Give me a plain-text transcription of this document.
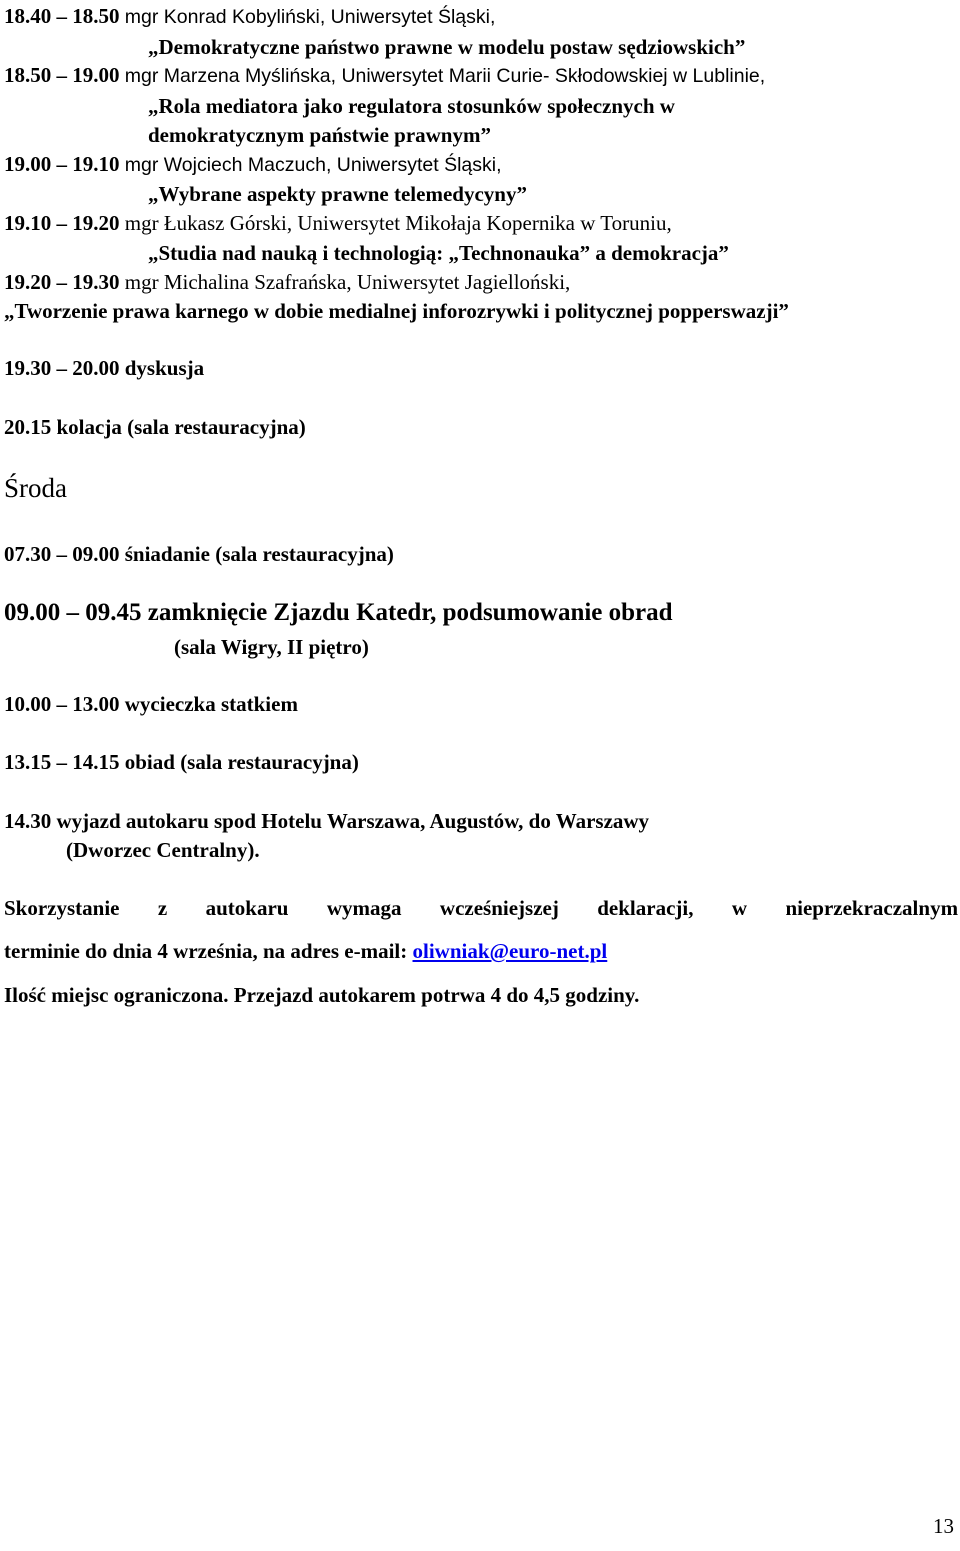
18.40 – 18.50 mgr Konrad Kobyliński, Uniwersytet Śląski,
„Demokratyczne państwo prawne w modelu postaw sędziowskich”
18.50 – 19.00 mgr Marzena Myślińska, Uniwersytet Marii Curie- Skłodowskiej w Lublinie,
„Rola mediatora jako regulatora stosunków społecznych w
demokratycznym państwie prawnym”
19.00 – 19.10 mgr Wojciech Maczuch, Uniwersytet Śląski,
„Wybrane aspekty prawne telemedycyny”
19.10 – 19.20 mgr Łukasz Górski, Uniwersytet Mikołaja Kopernika w Toruniu,
„Studia nad nauką i technologią: „Technonauka” a demokracja”
19.20 – 19.30 mgr Michalina Szafrańska, Uniwersytet Jagielloński,
„Tworzenie prawa karnego w dobie medialnej inforozrywki i politycznej popperswazji”
19.30 – 20.00 dyskusja
20.15 kolacja (sala restauracyjna)
Środa
07.30 – 09.00 śniadanie (sala restauracyjna)
09.00 – 09.45 zamknięcie Zjazdu Katedr, podsumowanie obrad
(sala Wigry, II piętro)
10.00 – 13.00 wycieczka statkiem
13.15 – 14.15 obiad (sala restauracyjna)
14.30 wyjazd autokaru spod Hotelu Warszawa, Augustów, do Warszawy
(Dworzec Centralny).
Skorzystanie z autokaru wymaga wcześniejszej deklaracji, w nieprzekraczalnym
terminie do dnia 4 września, na adres e-mail: oliwniak@euro-net.pl
Ilość miejsc ograniczona. Przejazd autokarem potrwa 4 do 4,5 godziny.
13
